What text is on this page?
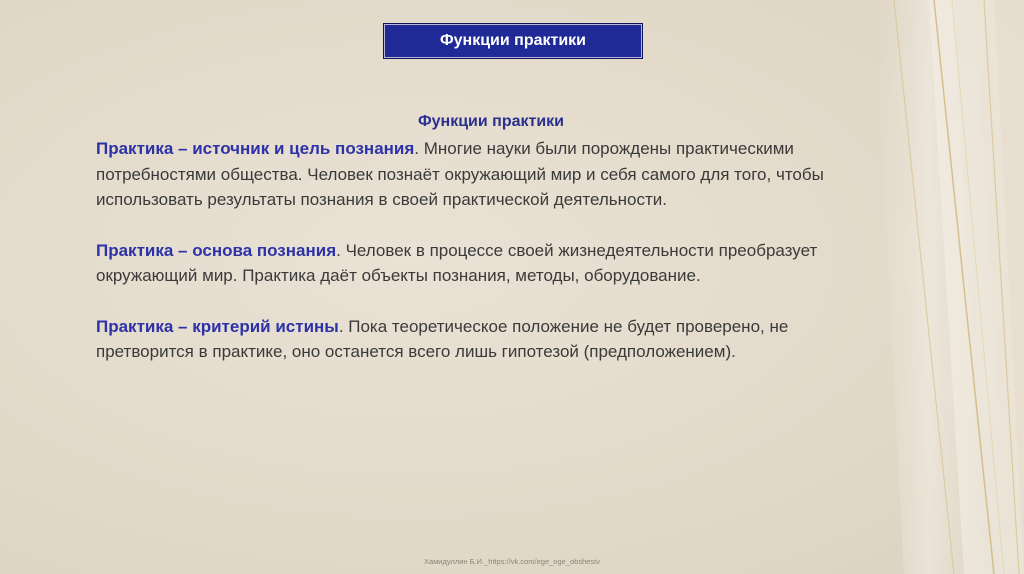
Функции практики
Функции практики

Практика – источник и цель познания. Многие науки были порождены практическими потребностями общества. Человек познаёт окружающий мир и себя самого для того, чтобы использовать результаты познания в своей практической деятельности.

Практика – основа познания. Человек в процессе своей жизнедеятельности преобразует окружающий мир. Практика даёт объекты познания, методы, оборудование.

Практика – критерий истины. Пока теоретическое положение не будет проверено, не претворится в практике, оно останется всего лишь гипотезой (предположением).

Хамидуллин Б.И._https://vk.com/ege_oge_obshestv
